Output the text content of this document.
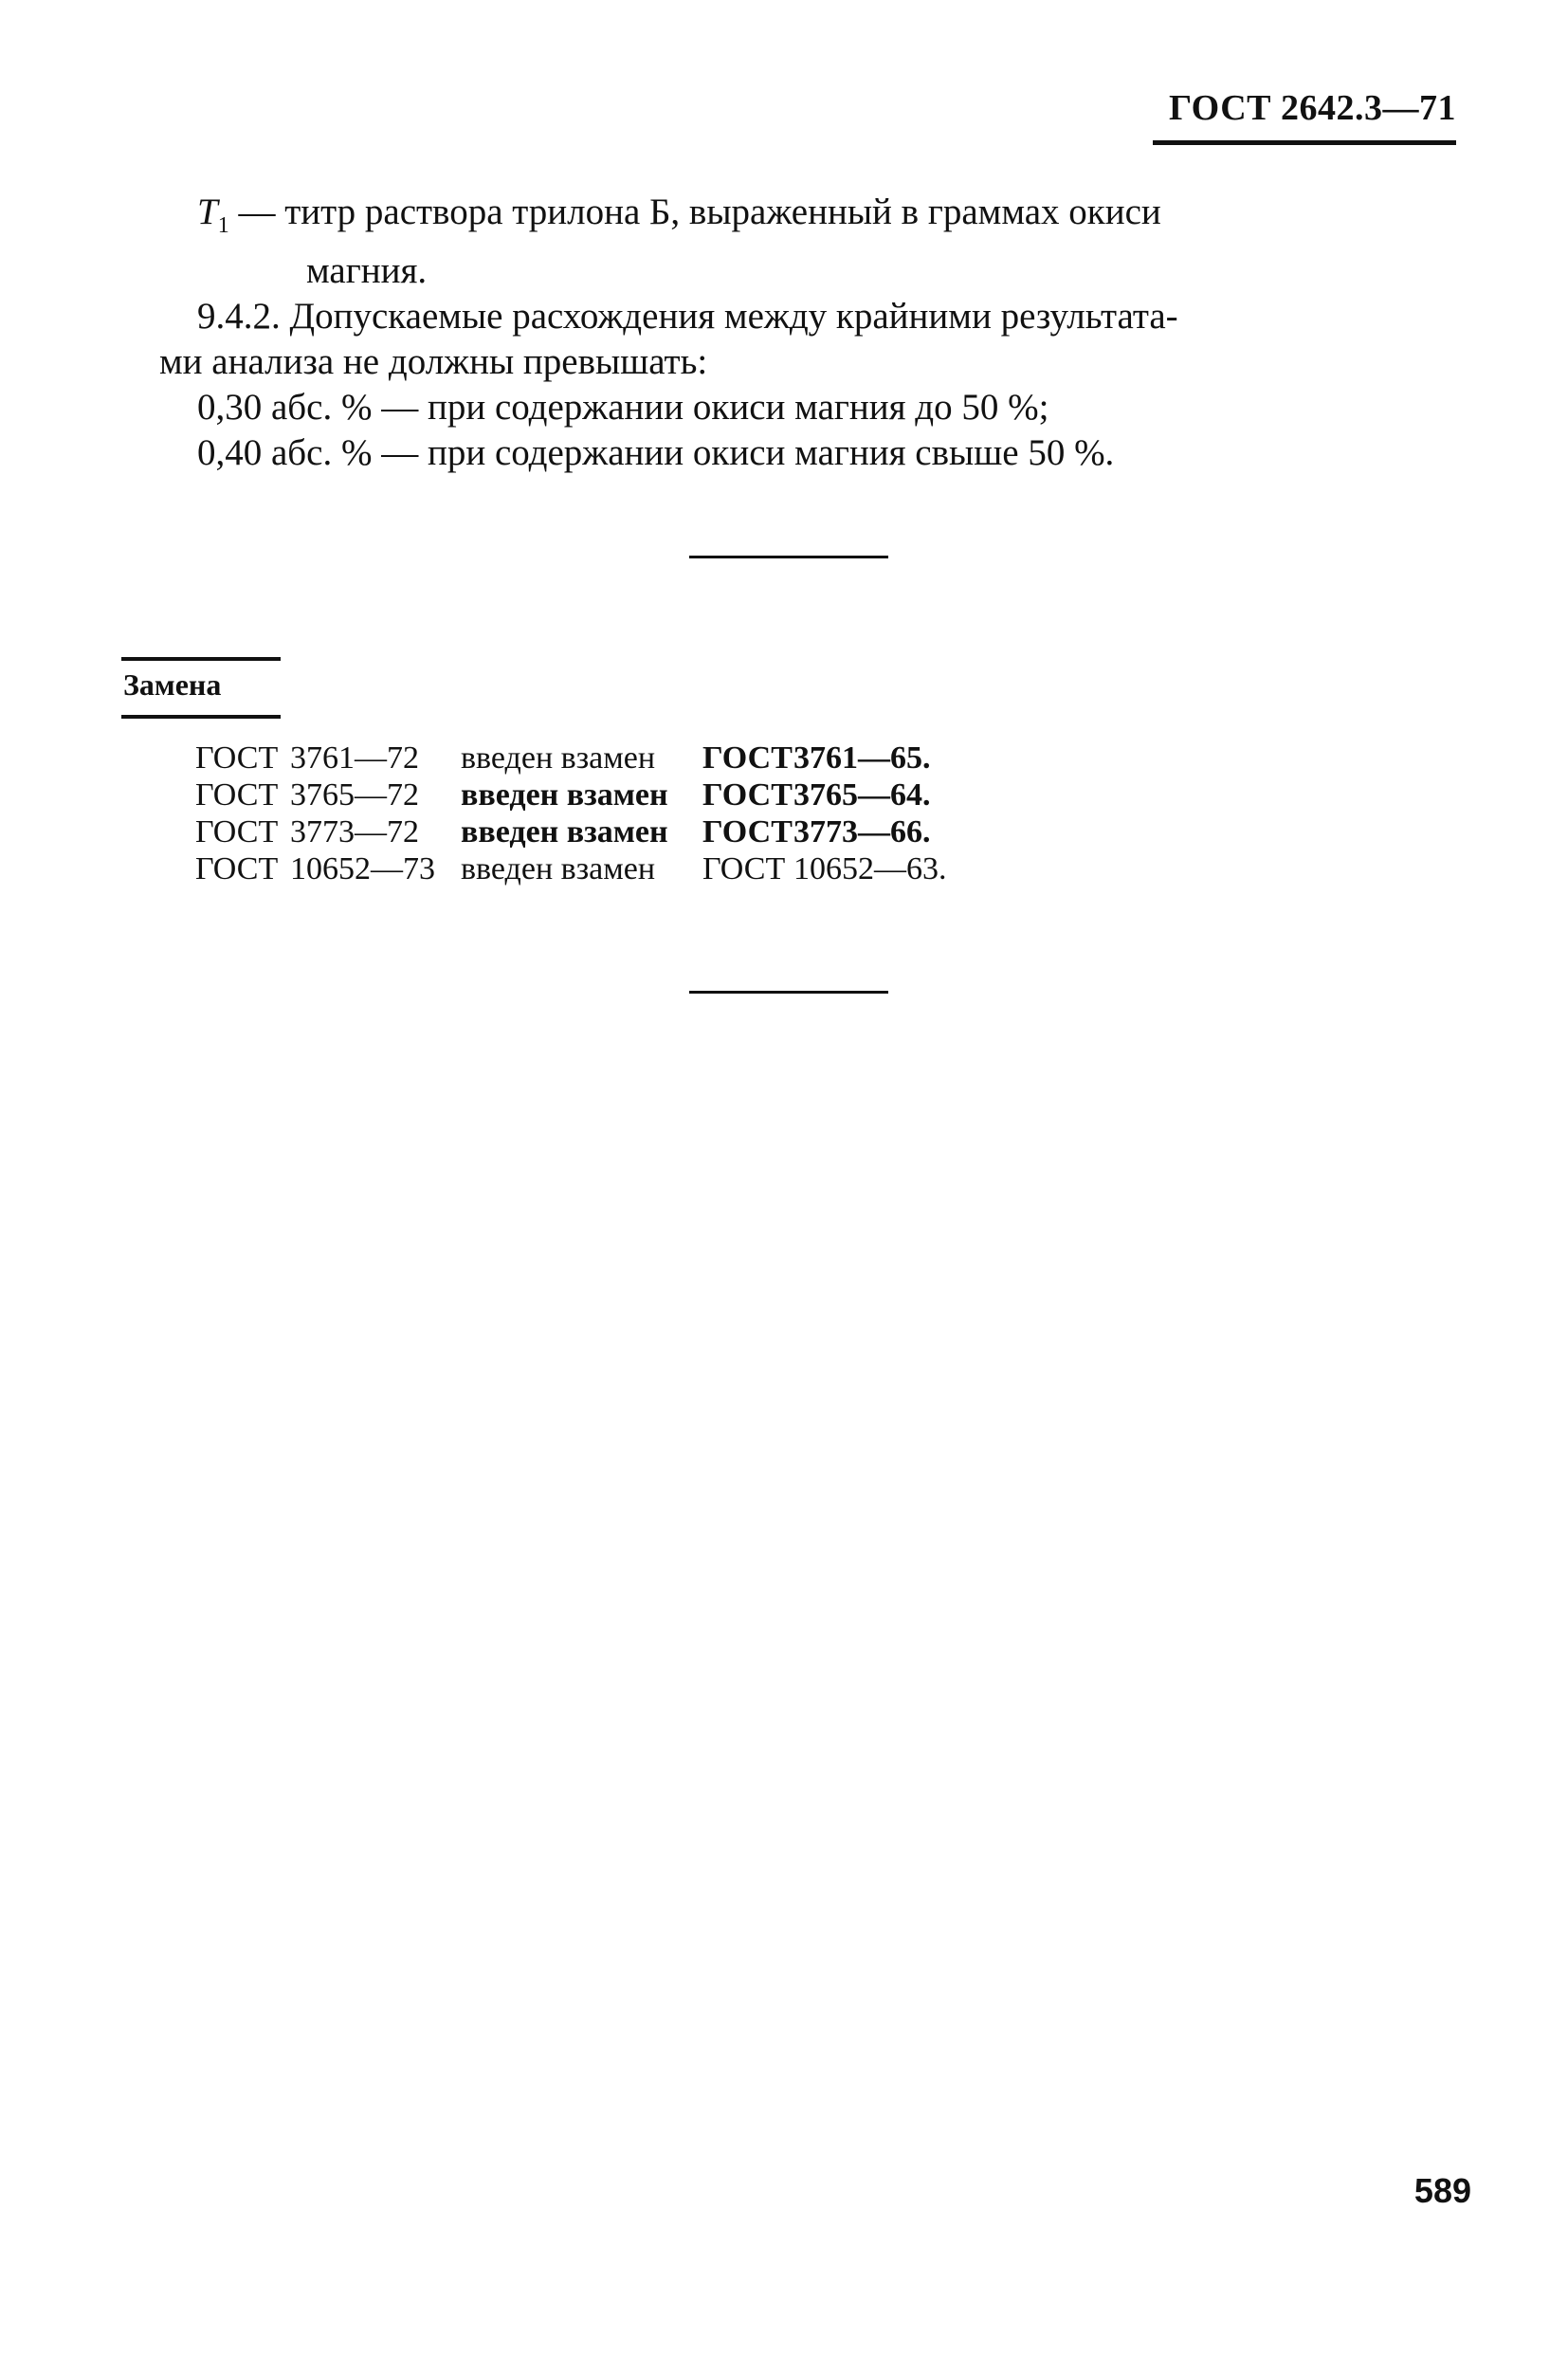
ГОСТ 2642.3—71
$T_1$ — титр раствора трилона Б, выраженный в граммах окиси
магния.
9.4.2. Допускаемые расхождения между крайними результата-
ми анализа не должны превышать:
0,30 абс. % — при содержании окиси магния до 50 %;
0,40 абс. % — при содержании окиси магния свыше 50 %.
Замена
ГОСТ 3761—72	введен взамен	ГОСТ 3761—65.
ГОСТ 3765—72	введен взамен	ГОСТ 3765—64.
ГОСТ 3773—72	введен взамен	ГОСТ 3773—66.
ГОСТ 10652—73 введен взамен	ГОСТ 10652—63.
589
